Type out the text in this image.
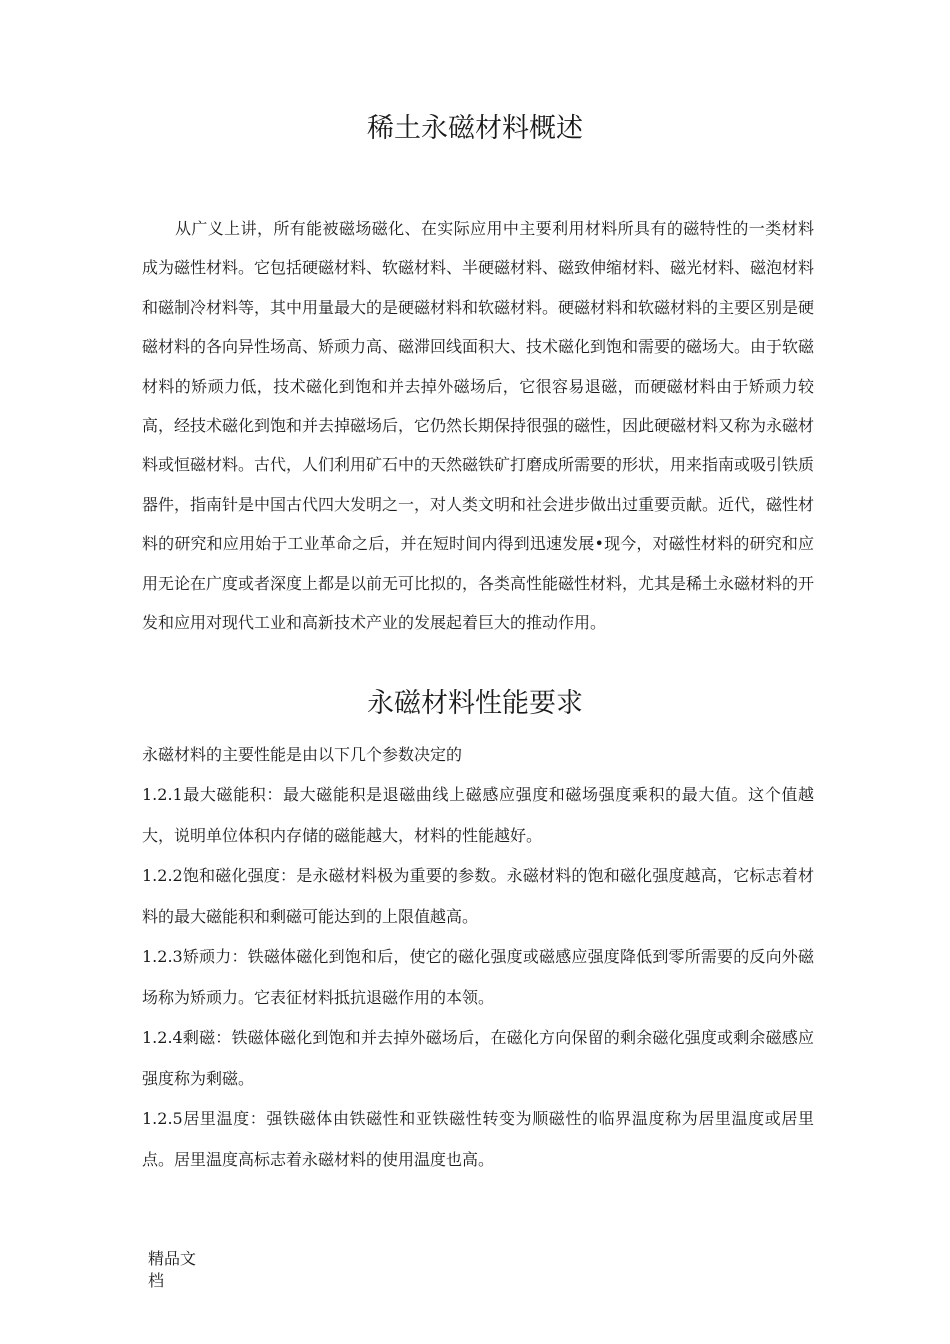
稀土永磁材料概述

从广义上讲，所有能被磁场磁化、在实际应用中主要利用材料所具有的磁特性的一类材料成为磁性材料。它包括硬磁材料、软磁材料、半硬磁材料、磁致伸缩材料、磁光材料、磁泡材料和磁制冷材料等，其中用量最大的是硬磁材料和软磁材料。硬磁材料和软磁材料的主要区别是硬磁材料的各向异性场高、矫顽力高、磁滞回线面积大、技术磁化到饱和需要的磁场大。由于软磁材料的矫顽力低，技术磁化到饱和并去掉外磁场后，它很容易退磁，而硬磁材料由于矫顽力较高，经技术磁化到饱和并去掉磁场后，它仍然长期保持很强的磁性，因此硬磁材料又称为永磁材料或恒磁材料。古代，人们利用矿石中的天然磁铁矿打磨成所需要的形状，用来指南或吸引铁质器件，指南针是中国古代四大发明之一，对人类文明和社会进步做出过重要贡献。近代，磁性材料的研究和应用始于工业革命之后，并在短时间内得到迅速发展•现今，对磁性材料的研究和应用无论在广度或者深度上都是以前无可比拟的，各类高性能磁性材料，尤其是稀土永磁材料的开发和应用对现代工业和高新技术产业的发展起着巨大的推动作用。

永磁材料性能要求

永磁材料的主要性能是由以下几个参数决定的

1.2.1最大磁能积：最大磁能积是退磁曲线上磁感应强度和磁场强度乘积的最大值。这个值越大，说明单位体积内存储的磁能越大，材料的性能越好。
1.2.2饱和磁化强度：是永磁材料极为重要的参数。永磁材料的饱和磁化强度越高，它标志着材料的最大磁能积和剩磁可能达到的上限值越高。
1.2.3矫顽力：铁磁体磁化到饱和后，使它的磁化强度或磁感应强度降低到零所需要的反向外磁场称为矫顽力。它表征材料抵抗退磁作用的本领。
1.2.4剩磁：铁磁体磁化到饱和并去掉外磁场后，在磁化方向保留的剩余磁化强度或剩余磁感应强度称为剩磁。
1.2.5居里温度：强铁磁体由铁磁性和亚铁磁性转变为顺磁性的临界温度称为居里温度或居里点。居里温度高标志着永磁材料的使用温度也高。
精品文档
